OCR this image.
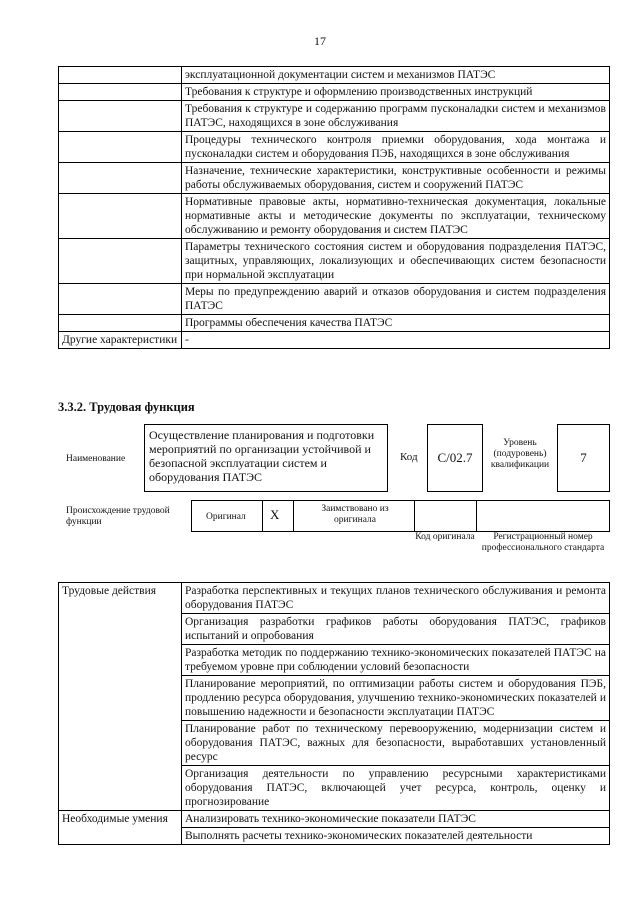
17
	эксплуатационной документации систем и механизмов ПАТЭС
	Требования к структуре и оформлению производственных инструкций
	Требования к структуре и содержанию программ пусконаладки систем и механизмов ПАТЭС, находящихся в зоне обслуживания
	Процедуры технического контроля приемки оборудования, хода монтажа и пусконаладки систем и оборудования ПЭБ, находящихся в зоне обслуживания
	Назначение, технические характеристики, конструктивные особенности и режимы работы обслуживаемых оборудования, систем и сооружений ПАТЭС
	Нормативные правовые акты, нормативно-техническая документация, локальные нормативные акты и методические документы по эксплуатации, техническому обслуживанию и ремонту оборудования и систем ПАТЭС
	Параметры технического состояния систем и оборудования подразделения ПАТЭС, защитных, управляющих, локализующих и обеспечивающих систем безопасности при нормальной эксплуатации
	Меры по предупреждению аварий и отказов оборудования и систем подразделения ПАТЭС
	Программы обеспечения качества ПАТЭС
Другие характеристики	-
3.3.2. Трудовая функция
Наименование
Осуществление планирования и подготовки мероприятий по организации устойчивой и безопасной эксплуатации систем и оборудования ПАТЭС
Код	C/02.7
Уровень (подуровень) квалификации	7
Происхождение трудовой функции	Оригинал X	Заимствовано из оригинала
Код оригинала	Регистрационный номер профессионального стандарта
Трудовые действия	Разработка перспективных и текущих планов технического обслуживания и ремонта оборудования ПАТЭС
	Организация разработки графиков работы оборудования ПАТЭС, графиков испытаний и опробования
	Разработка методик по поддержанию технико-экономических показателей ПАТЭС на требуемом уровне при соблюдении условий безопасности
	Планирование мероприятий, по оптимизации работы систем и оборудования ПЭБ, продлению ресурса оборудования, улучшению технико-экономических показателей и повышению надежности и безопасности эксплуатации ПАТЭС
	Планирование работ по техническому перевооружению, модернизации систем и оборудования ПАТЭС, важных для безопасности, выработавших установленный ресурс
	Организация деятельности по управлению ресурсными характеристиками оборудования ПАТЭС, включающей учет ресурса, контроль, оценку и прогнозирование
Необходимые умения	Анализировать технико-экономические показатели ПАТЭС
	Выполнять расчеты технико-экономических показателей деятельности
